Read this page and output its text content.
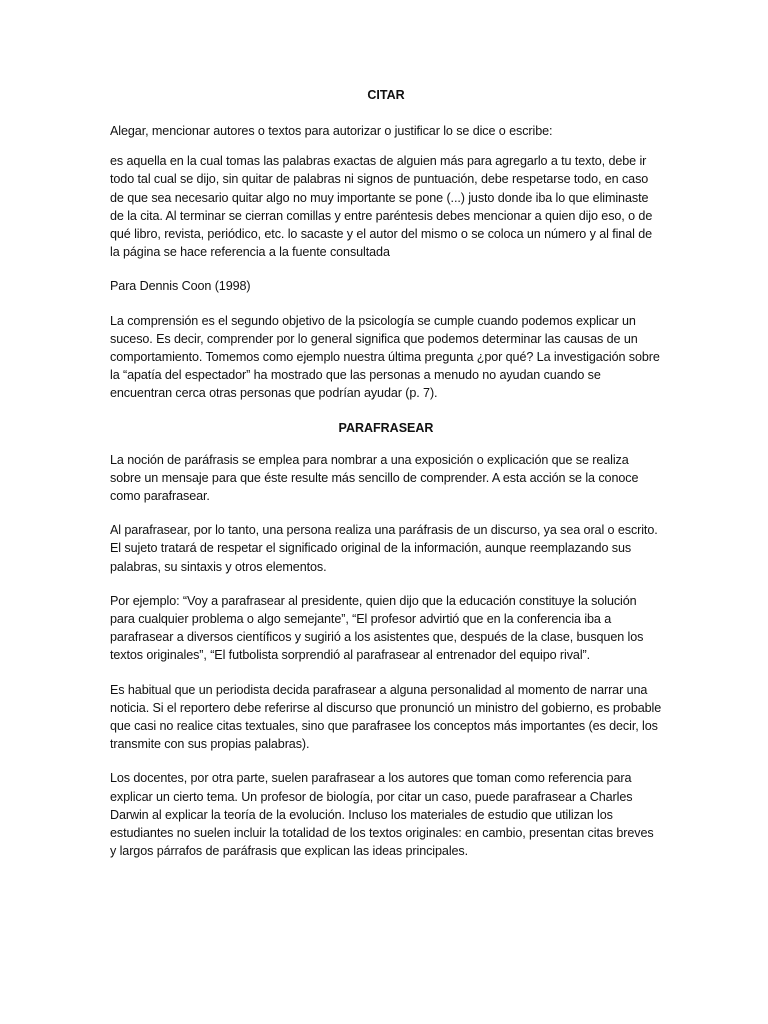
CITAR

Alegar, mencionar autores o textos para autorizar o justificar lo se dice o escribe:

es aquella en la cual tomas las palabras exactas de alguien más para agregarlo a tu texto, debe ir todo tal cual se dijo, sin quitar de palabras ni signos de puntuación, debe respetarse todo, en caso de que sea necesario quitar algo no muy importante se pone (...) justo donde iba lo que eliminaste de la cita. Al terminar se cierran comillas y entre paréntesis debes mencionar a quien dijo eso, o de qué libro, revista, periódico, etc. lo sacaste y el autor del mismo o se coloca un número y al final de la página se hace referencia a la fuente consultada

Para Dennis Coon (1998)

La comprensión es el segundo objetivo de la psicología se cumple cuando podemos explicar un suceso. Es decir, comprender por lo general significa que podemos determinar las causas de un comportamiento. Tomemos como ejemplo nuestra última pregunta ¿por qué? La investigación sobre la “apatía del espectador” ha mostrado que las personas a menudo no ayudan cuando se encuentran cerca otras personas que podrían ayudar (p. 7).

PARAFRASEAR

La noción de paráfrasis se emplea para nombrar a una exposición o explicación que se realiza sobre un mensaje para que éste resulte más sencillo de comprender. A esta acción se la conoce como parafrasear.

Al parafrasear, por lo tanto, una persona realiza una paráfrasis de un discurso, ya sea oral o escrito. El sujeto tratará de respetar el significado original de la información, aunque reemplazando sus palabras, su sintaxis y otros elementos.

Por ejemplo: “Voy a parafrasear al presidente, quien dijo que la educación constituye la solución para cualquier problema o algo semejante”, “El profesor advirtió que en la conferencia iba a parafrasear a diversos científicos y sugirió a los asistentes que, después de la clase, busquen los textos originales”, “El futbolista sorprendió al parafrasear al entrenador del equipo rival”.

Es habitual que un periodista decida parafrasear a alguna personalidad al momento de narrar una noticia. Si el reportero debe referirse al discurso que pronunció un ministro del gobierno, es probable que casi no realice citas textuales, sino que parafrasee los conceptos más importantes (es decir, los transmite con sus propias palabras).

Los docentes, por otra parte, suelen parafrasear a los autores que toman como referencia para explicar un cierto tema. Un profesor de biología, por citar un caso, puede parafrasear a Charles Darwin al explicar la teoría de la evolución. Incluso los materiales de estudio que utilizan los estudiantes no suelen incluir la totalidad de los textos originales: en cambio, presentan citas breves y largos párrafos de paráfrasis que explican las ideas principales.
